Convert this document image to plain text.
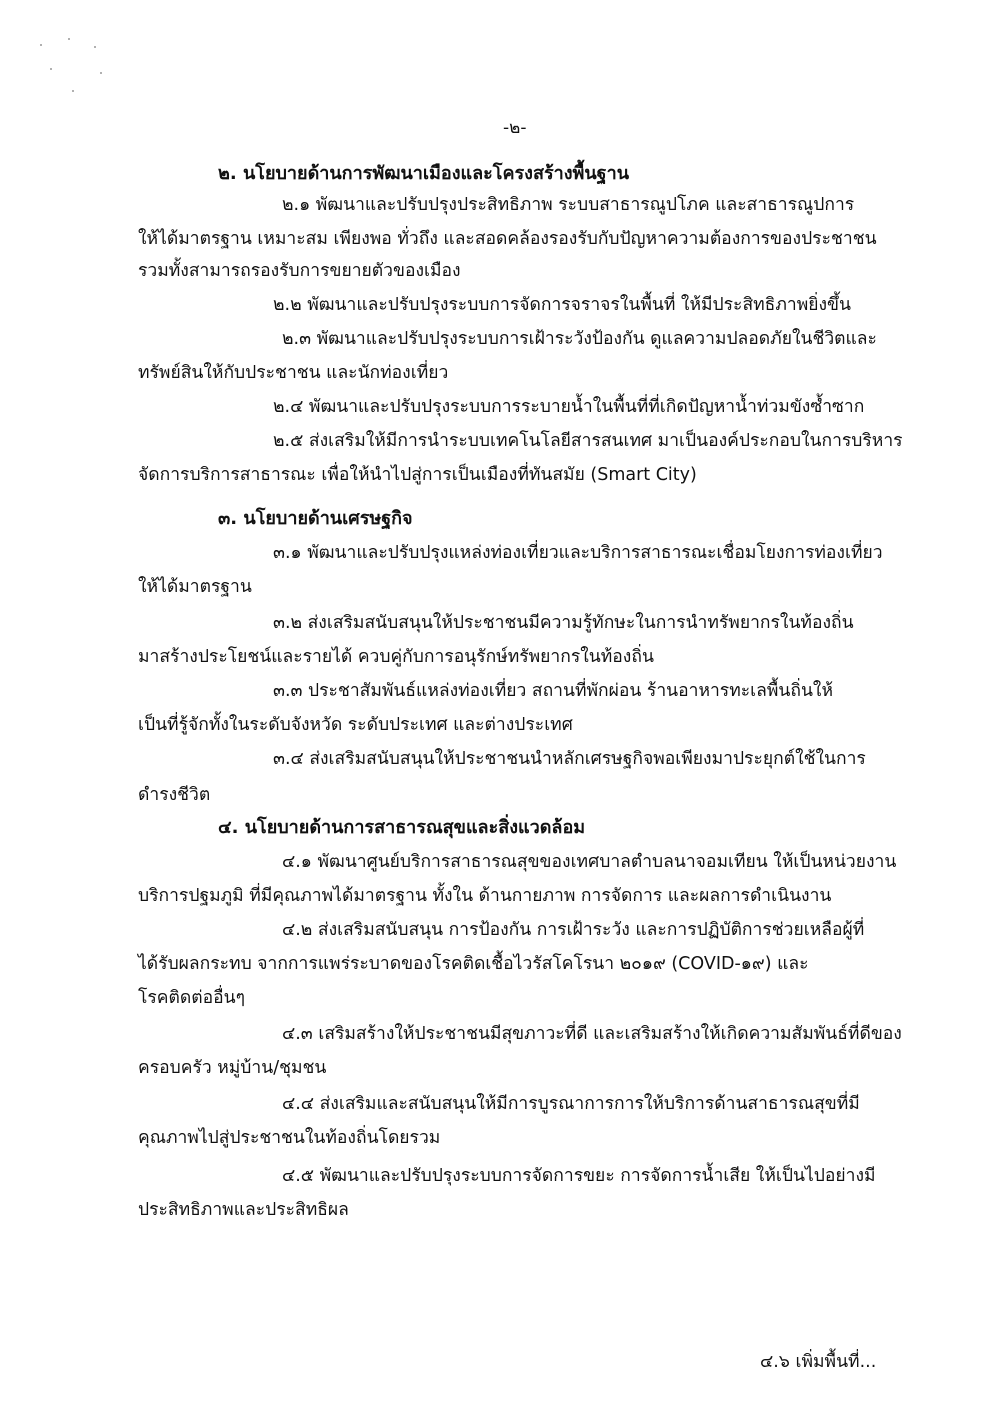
-๒-
๒. นโยบายด้านการพัฒนาเมืองและโครงสร้างพื้นฐาน
๒.๑ พัฒนาและปรับปรุงประสิทธิภาพ ระบบสาธารณูปโภค และสาธารณูปการ
ให้ได้มาตรฐาน เหมาะสม เพียงพอ ทั่วถึง และสอดคล้องรองรับกับปัญหาความต้องการของประชาชน
รวมทั้งสามารถรองรับการขยายตัวของเมือง
๒.๒ พัฒนาและปรับปรุงระบบการจัดการจราจรในพื้นที่ ให้มีประสิทธิภาพยิ่งขึ้น
๒.๓ พัฒนาและปรับปรุงระบบการเฝ้าระวังป้องกัน ดูแลความปลอดภัยในชีวิตและ
ทรัพย์สินให้กับประชาชน และนักท่องเที่ยว
๒.๔ พัฒนาและปรับปรุงระบบการระบายน้ำในพื้นที่ที่เกิดปัญหาน้ำท่วมขังซ้ำซาก
๒.๕ ส่งเสริมให้มีการนำระบบเทคโนโลยีสารสนเทศ มาเป็นองค์ประกอบในการบริหาร
จัดการบริการสาธารณะ เพื่อให้นำไปสู่การเป็นเมืองที่ทันสมัย (Smart City)
๓. นโยบายด้านเศรษฐกิจ
๓.๑ พัฒนาและปรับปรุงแหล่งท่องเที่ยวและบริการสาธารณะเชื่อมโยงการท่องเที่ยว
ให้ได้มาตรฐาน
๓.๒ ส่งเสริมสนับสนุนให้ประชาชนมีความรู้ทักษะในการนำทรัพยากรในท้องถิ่น
มาสร้างประโยชน์และรายได้ ควบคู่กับการอนุรักษ์ทรัพยากรในท้องถิ่น
๓.๓ ประชาสัมพันธ์แหล่งท่องเที่ยว สถานที่พักผ่อน ร้านอาหารทะเลพื้นถิ่นให้
เป็นที่รู้จักทั้งในระดับจังหวัด ระดับประเทศ และต่างประเทศ
๓.๔ ส่งเสริมสนับสนุนให้ประชาชนนำหลักเศรษฐกิจพอเพียงมาประยุกต์ใช้ในการ
ดำรงชีวิต
๔. นโยบายด้านการสาธารณสุขและสิ่งแวดล้อม
๔.๑ พัฒนาศูนย์บริการสาธารณสุขของเทศบาลตำบลนาจอมเทียน ให้เป็นหน่วยงาน
บริการปฐมภูมิ ที่มีคุณภาพได้มาตรฐาน ทั้งใน ด้านกายภาพ การจัดการ และผลการดำเนินงาน
๔.๒ ส่งเสริมสนับสนุน การป้องกัน การเฝ้าระวัง และการปฏิบัติการช่วยเหลือผู้ที่
ได้รับผลกระทบ จากการแพร่ระบาดของโรคติดเชื้อไวรัสโคโรนา ๒๐๑๙ (COVID-๑๙) และ
โรคติดต่ออื่นๆ
๔.๓ เสริมสร้างให้ประชาชนมีสุขภาวะที่ดี และเสริมสร้างให้เกิดความสัมพันธ์ที่ดีของ
ครอบครัว หมู่บ้าน/ชุมชน
๔.๔ ส่งเสริมและสนับสนุนให้มีการบูรณาการการให้บริการด้านสาธารณสุขที่มี
คุณภาพไปสู่ประชาชนในท้องถิ่นโดยรวม
๔.๕ พัฒนาและปรับปรุงระบบการจัดการขยะ การจัดการน้ำเสีย ให้เป็นไปอย่างมี
ประสิทธิภาพและประสิทธิผล
๔.๖ เพิ่มพื้นที่...
